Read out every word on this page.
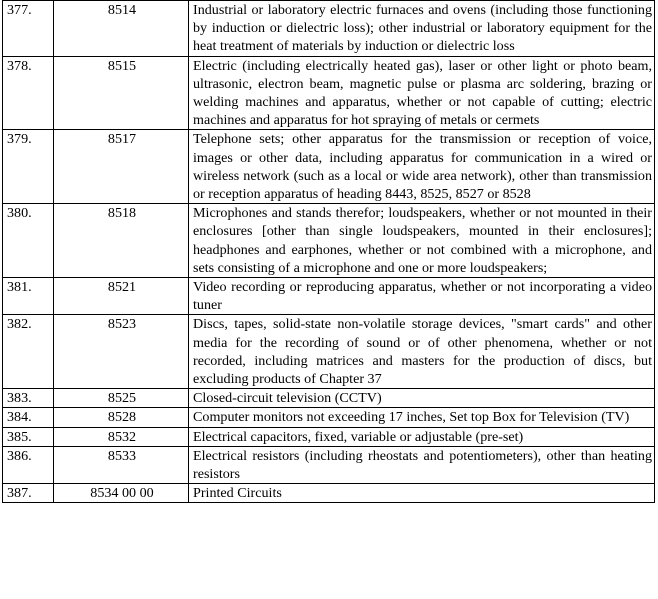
377.	8514	Industrial or laboratory electric furnaces and ovens (including those functioning by induction or dielectric loss); other industrial or laboratory equipment for the heat treatment of materials by induction or dielectric loss
378.	8515	Electric (including electrically heated gas), laser or other light or photo beam, ultrasonic, electron beam, magnetic pulse or plasma arc soldering, brazing or welding machines and apparatus, whether or not capable of cutting; electric machines and apparatus for hot spraying of metals or cermets
379.	8517	Telephone sets; other apparatus for the transmission or reception of voice, images or other data, including apparatus for communication in a wired or wireless network (such as a local or wide area network), other than transmission or reception apparatus of heading 8443, 8525, 8527 or 8528
380.	8518	Microphones and stands therefor; loudspeakers, whether or not mounted in their enclosures [other than single loudspeakers, mounted in their enclosures]; headphones and earphones, whether or not combined with a microphone, and sets consisting of a microphone and one or more loudspeakers;
381.	8521	Video recording or reproducing apparatus, whether or not incorporating a video tuner
382.	8523	Discs, tapes, solid-state non-volatile storage devices, "smart cards" and other media for the recording of sound or of other phenomena, whether or not recorded, including matrices and masters for the production of discs, but excluding products of Chapter 37
383.	8525	Closed-circuit television (CCTV)
384.	8528	Computer monitors not exceeding 17 inches, Set top Box for Television (TV)
385.	8532	Electrical capacitors, fixed, variable or adjustable (pre-set)
386.	8533	Electrical resistors (including rheostats and potentiometers), other than heating resistors
387.	8534 00 00	Printed Circuits
